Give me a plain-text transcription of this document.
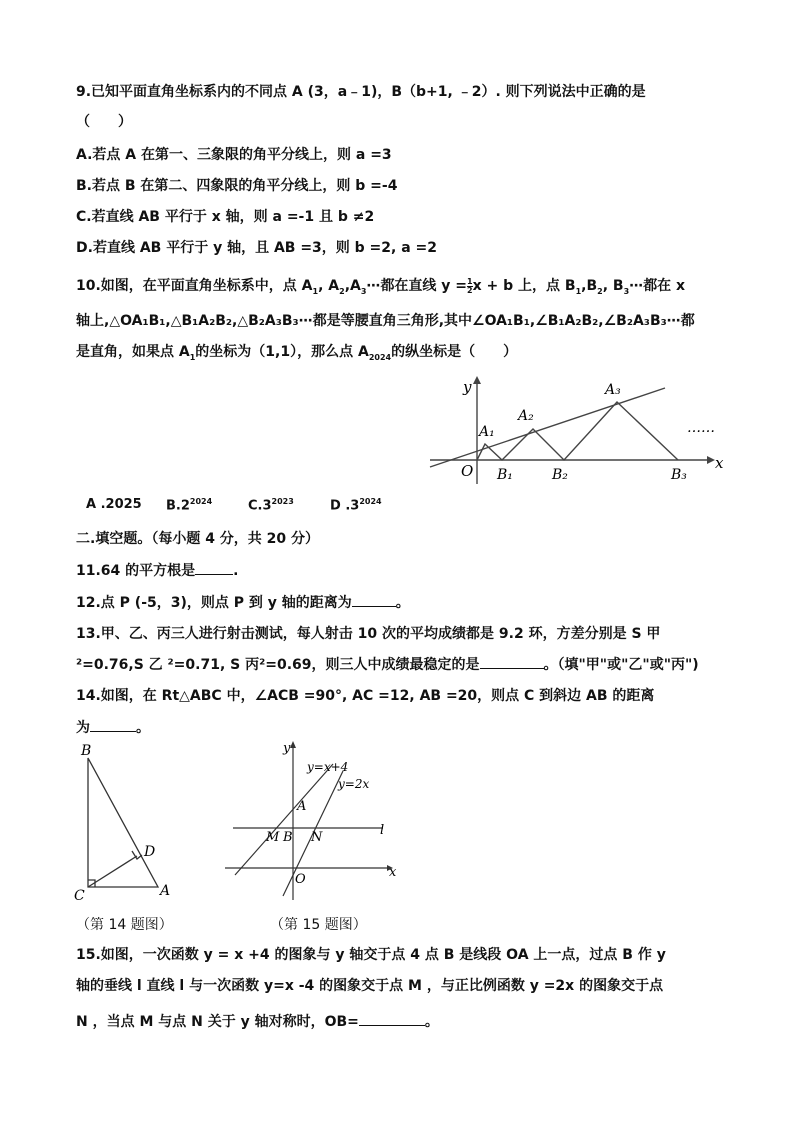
9.已知平面直角坐标系内的不同点 A (3，a﹣1)，B（b+1, ﹣2）. 则下列说法中正确的是
（　　）
A.若点 A 在第一、三象限的角平分线上，则 a =3
B.若点 B 在第二、四象限的角平分线上，则 b =-4
C.若直线 AB 平行于 x 轴，则 a =-1 且 b ≠2
D.若直线 AB 平行于 y 轴，且 AB =3，则 b =2, a =2
10.如图，在平面直角坐标系中，点 $A_1$, $A_2,A_3\cdots$都在直线 $y = \frac{1}{2}$ x + b 上，点 $B_1,B_2$, $B_3\cdots$都在 x
轴上,△OA₁B₁,△B₁A₂B₂,△B₂A₃B₃⋯都是等腰直角三角形,其中∠OA₁B₁,∠B₁A₂B₂,∠B₂A₃B₃⋯都
是直角，如果点 $A_1$的坐标为（1,1），那么点 $A_{2024}$的纵坐标是（　　）
x
y
O
A₁
A₂
A₃
B₁	B₂	B₃
……
A .2025 $B.2^{2024}$	$C.3^{2023}$	D $.3^{2024}$
二.填空题。（每小题 4 分，共 20 分）
11.64 的平方根是	.
12.点 P (-5，3)，则点 P 到 y 轴的距离为	。
13.甲、乙、丙三人进行射击测试，每人射击 10 次的平均成绩都是 9.2 环，方差分别是 S 甲
²=0.76,S 乙 ²=0.71, S 丙²=0.69，则三人中成绩最稳定的是	。（填"甲"或"乙"或"丙")
14.如图，在 Rt△ABC 中，∠ACB =90°, AC =12, AB =20，则点 C 到斜边 AB 的距离
为	。
B
C	A
D
y
x
O
A
M B N	l
y=x+4
y=2x
（第 14 题图）	（第 15 题图）
15.如图，一次函数 y = x +4 的图象与 y 轴交于点 4 点 B 是线段 OA 上一点，过点 B 作 y
轴的垂线 l 直线 l 与一次函数 y=x -4 的图象交于点 M ，与正比例函数 y =2x 的图象交于点
N ，当点 M 与点 N 关于 y 轴对称时，OB=	。
